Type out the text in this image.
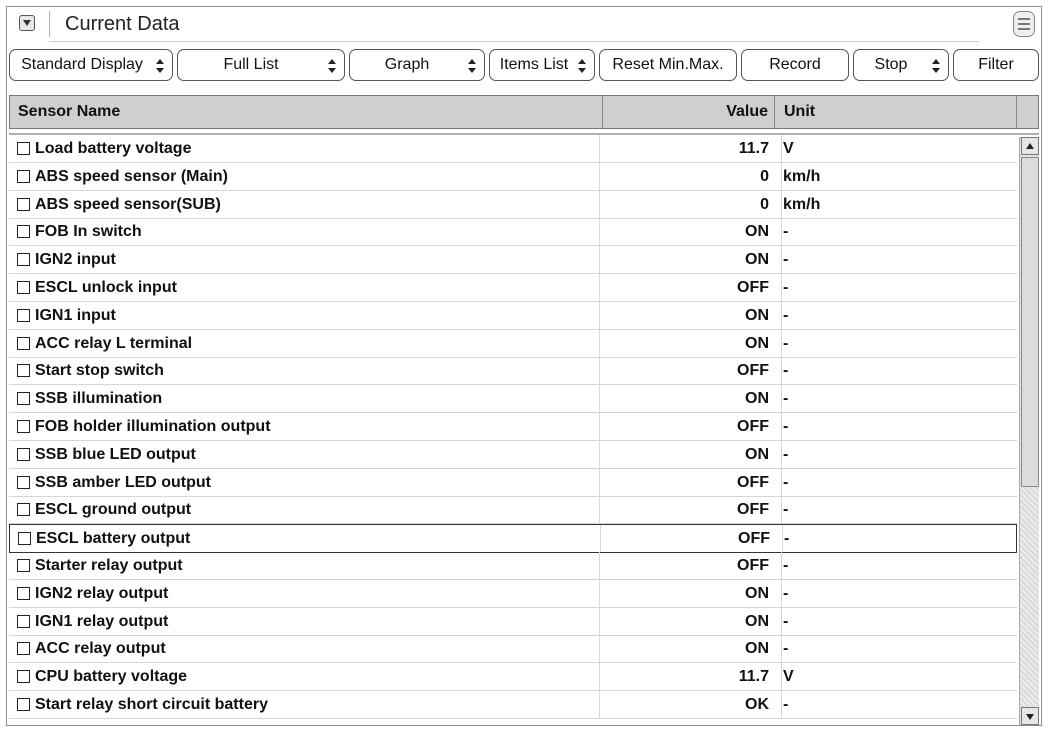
Current Data
Standard Display	Full List	Graph	Items List	Reset Min.Max.	Record	Stop	Filter
Sensor Name	Value Unit
Load battery voltage	11.7 V
ABS speed sensor (Main)	0 km/h
ABS speed sensor(SUB)	0 km/h
FOB In switch	ON -
IGN2 input	ON -
ESCL unlock input	OFF -
IGN1 input	ON -
ACC relay L terminal	ON -
Start stop switch	OFF -
SSB illumination	ON -
FOB holder illumination output	OFF -
SSB blue LED output	ON -
SSB amber LED output	OFF -
ESCL ground output	OFF -
ESCL battery output	OFF -
Starter relay output	OFF -
IGN2 relay output	ON -
IGN1 relay output	ON -
ACC relay output	ON -
CPU battery voltage	11.7 V
Start relay short circuit battery	OK -
